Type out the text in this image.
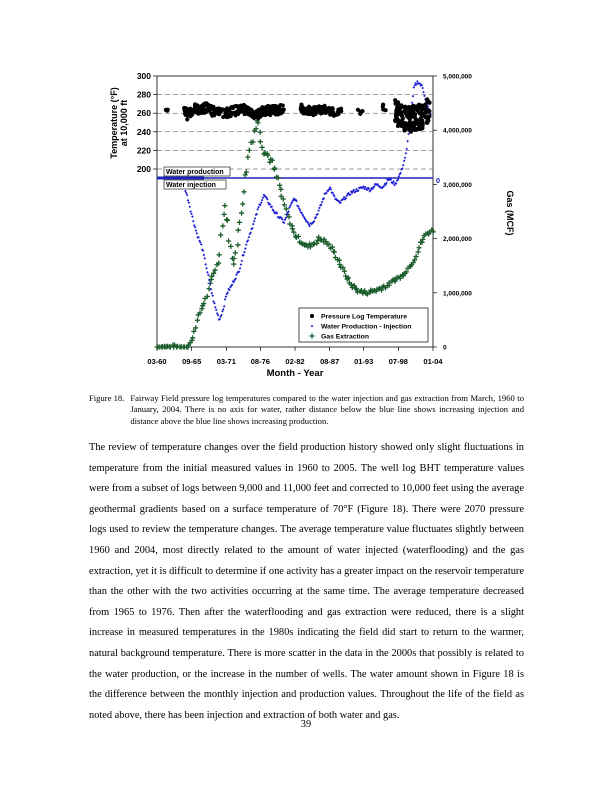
300
280
260
240
220
200
Temperature (°F) at 10,000 ft
5,000,000
4,000,000
3,000,000
2,000,000
1,000,000
0
Gas (MCF)
03-60 09-65 03-71 08-76 02-82 08-87 01-93 07-98 01-04
Month - Year
Water production
Water injection
0
Pressure Log Temperature
Water Production - Injection
Gas Extraction
Figure 18. Fairway Field pressure log temperatures compared to the water injection and gas extraction from March, 1960 to January, 2004. There is no axis for water, rather distance below the blue line shows increasing injection and distance above the blue line shows increasing production.

The review of temperature changes over the field production history showed only slight fluctuations in temperature from the initial measured values in 1960 to 2005. The well log BHT temperature values were from a subset of logs between 9,000 and 11,000 feet and corrected to 10,000 feet using the average geothermal gradients based on a surface temperature of 70°F (Figure 18). There were 2070 pressure logs used to review the temperature changes. The average temperature value fluctuates slightly between 1960 and 2004, most directly related to the amount of water injected (waterflooding) and the gas extraction, yet it is difficult to determine if one activity has a greater impact on the reservoir temperature than the other with the two activities occurring at the same time. The average temperature decreased from 1965 to 1976. Then after the waterflooding and gas extraction were reduced, there is a slight increase in measured temperatures in the 1980s indicating the field did start to return to the warmer, natural background temperature. There is more scatter in the data in the 2000s that possibly is related to the water production, or the increase in the number of wells. The water amount shown in Figure 18 is the difference between the monthly injection and production values. Throughout the life of the field as noted above, there has been injection and extraction of both water and gas.

39
